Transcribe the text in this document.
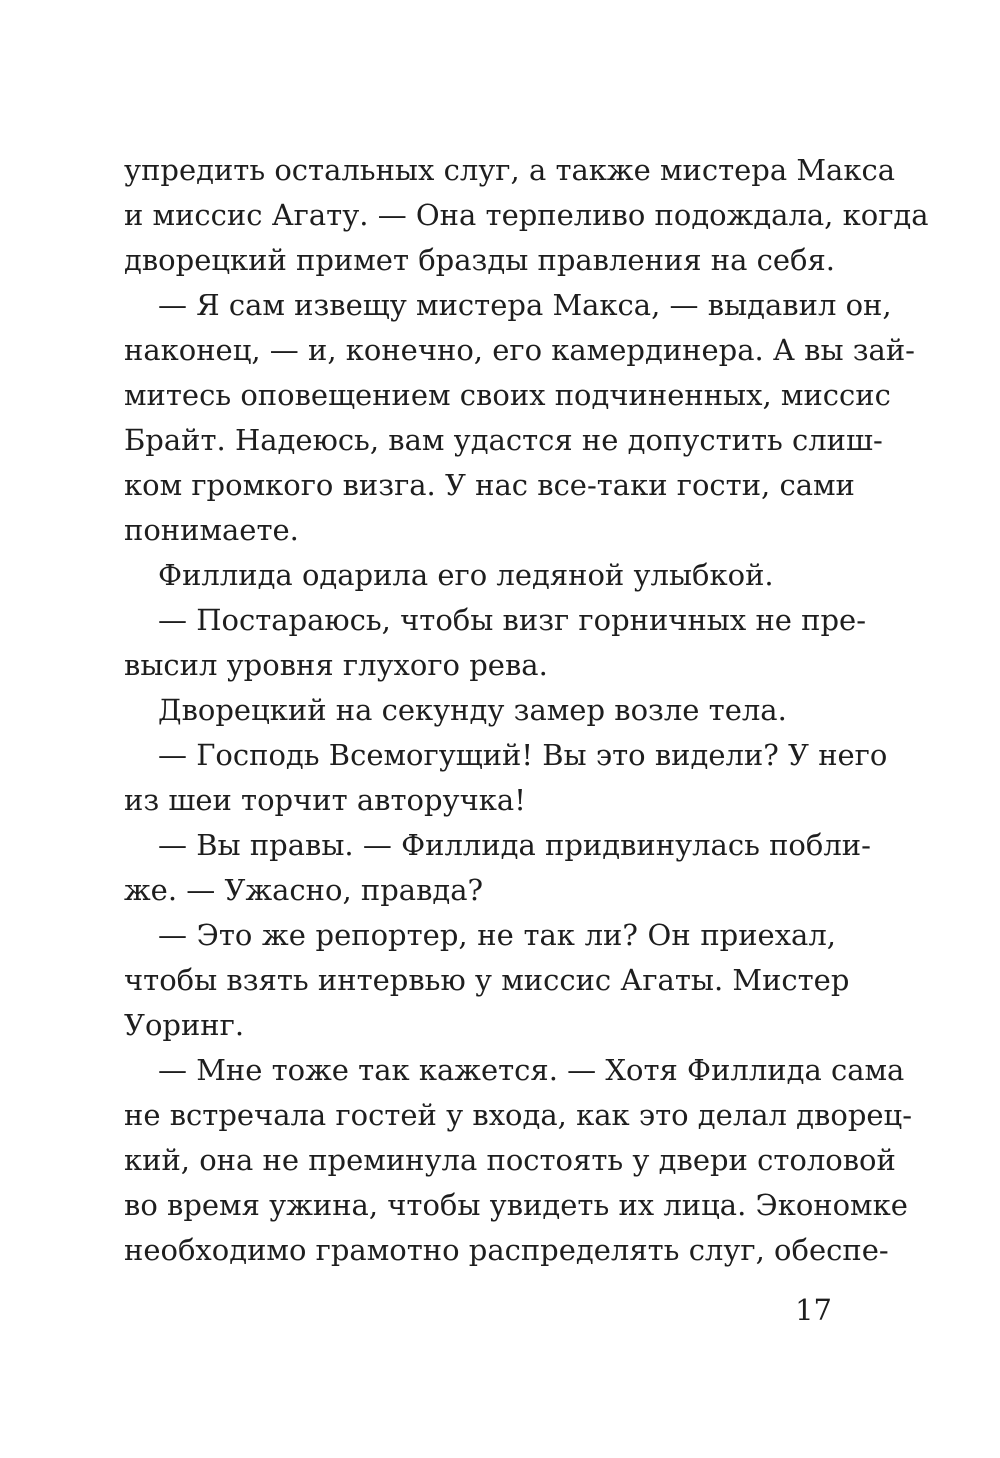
упредить остальных слуг, а также мистера Макса
и миссис Агату. — Она терпеливо подождала, когда
дворецкий примет бразды правления на себя.
— Я сам извещу мистера Макса, — выдавил он,
наконец, — и, конечно, его камердинера. А вы зай-
митесь оповещением своих подчиненных, миссис
Брайт. Надеюсь, вам удастся не допустить слиш-
ком громкого визга. У нас все-таки гости, сами
понимаете.
Филлида одарила его ледяной улыбкой.
— Постараюсь, чтобы визг горничных не пре-
высил уровня глухого рева.
Дворецкий на секунду замер возле тела.
— Господь Всемогущий! Вы это видели? У него
из шеи торчит авторучка!
— Вы правы. — Филлида придвинулась побли-
же. — Ужасно, правда?
— Это же репортер, не так ли? Он приехал,
чтобы взять интервью у миссис Агаты. Мистер
Уоринг.
— Мне тоже так кажется. — Хотя Филлида сама
не встречала гостей у входа, как это делал дворец-
кий, она не преминула постоять у двери столовой
во время ужина, чтобы увидеть их лица. Экономке
необходимо грамотно распределять слуг, обеспе-
17
